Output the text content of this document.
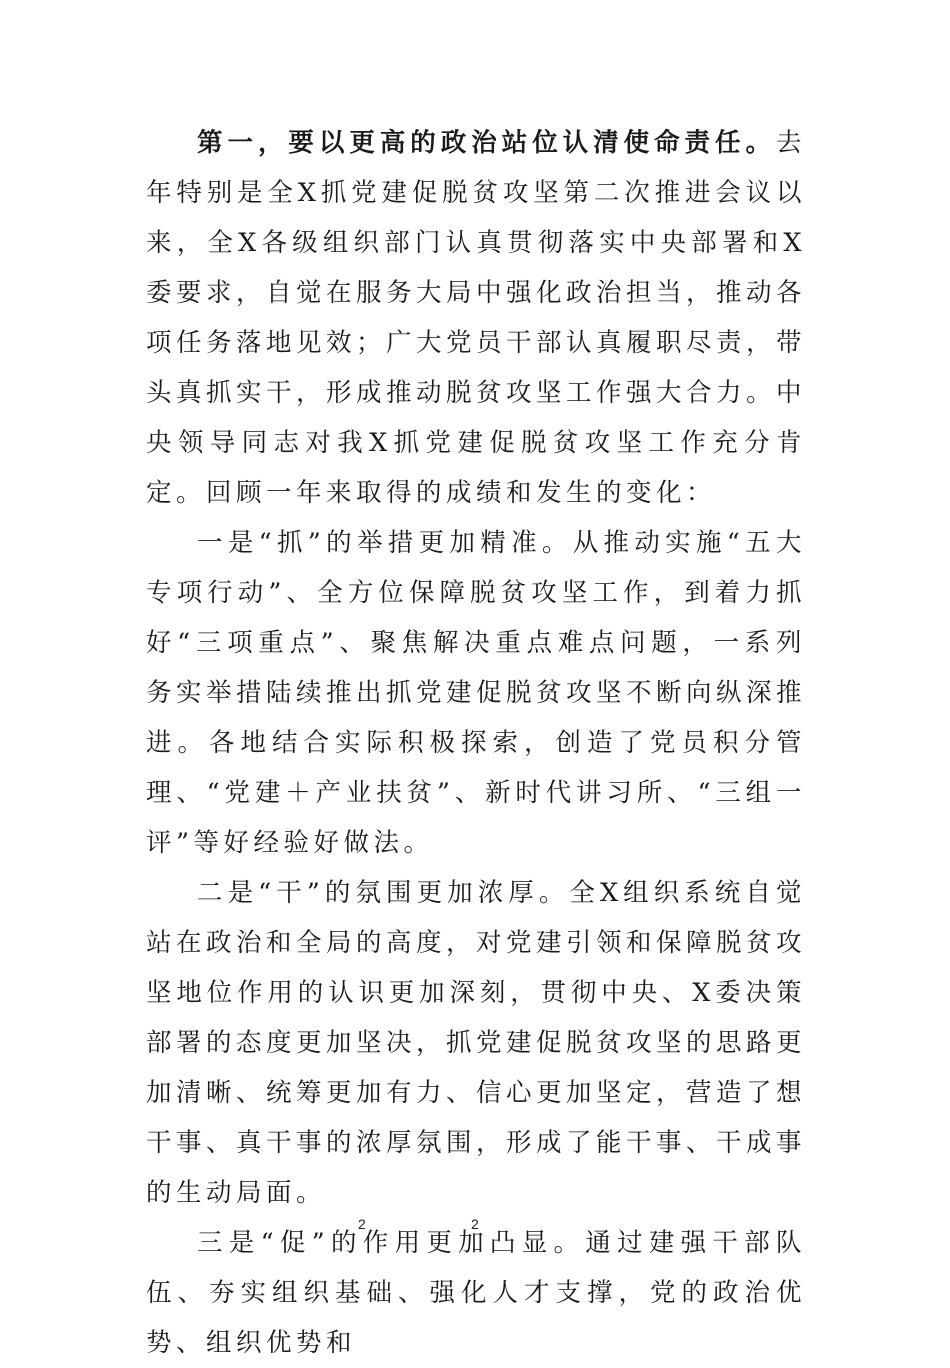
第一，要以更高的政治站位认清使命责任。去年特别是全X抓党建促脱贫攻坚第二次推进会议以来，全X各级组织部门认真贯彻落实中央部署和X委要求，自觉在服务大局中强化政治担当，推动各项任务落地见效；广大党员干部认真履职尽责，带头真抓实干，形成推动脱贫攻坚工作强大合力。中央领导同志对我X抓党建促脱贫攻坚工作充分肯定。回顾一年来取得的成绩和发生的变化：

一是“抓”的举措更加精准。从推动实施“五大专项行动”、全方位保障脱贫攻坚工作，到着力抓好“三项重点”、聚焦解决重点难点问题，一系列务实举措陆续推出抓党建促脱贫攻坚不断向纵深推进。各地结合实际积极探索，创造了党员积分管理、“党建＋产业扶贫”、新时代讲习所、“三组一评”等好经验好做法。

二是“干”的氛围更加浓厚。全X组织系统自觉站在政治和全局的高度，对党建引领和保障脱贫攻坚地位作用的认识更加深刻，贯彻中央、X委决策部署的态度更加坚决，抓党建促脱贫攻坚的思路更加清晰、统筹更加有力、信心更加坚定，营造了想干事、真干事的浓厚氛围，形成了能干事、干成事的生动局面。

三是“促”的作用更加凸显。通过建强干部队伍、夯实组织基础、强化人才支撑，党的政治优势、组织优势和

2	2
